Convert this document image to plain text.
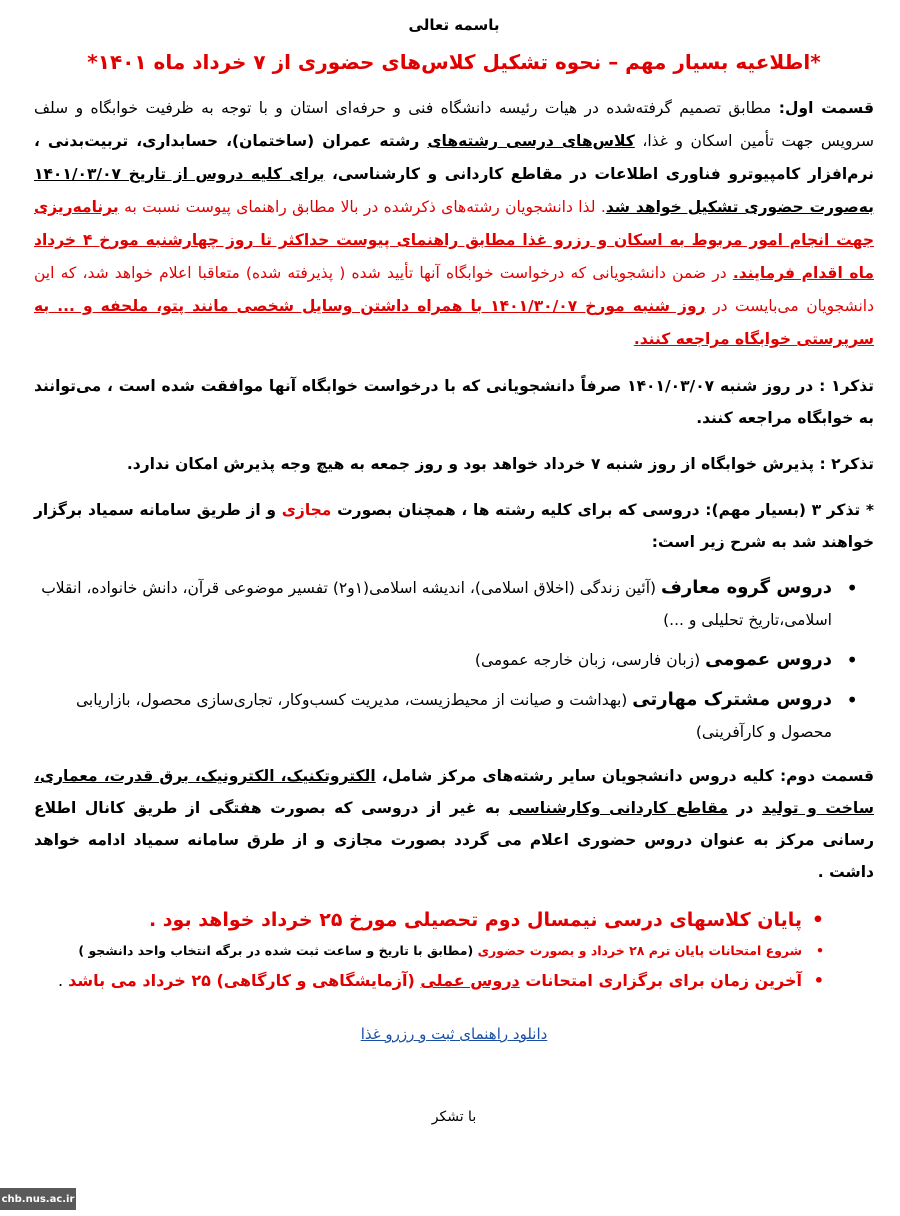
باسمه تعالی
*اطلاعیه بسیار مهم – نحوه تشکیل کلاس‌های حضوری از ۷ خرداد ماه ۱۴۰۱*

قسمت اول: مطابق تصمیم گرفته‌شده در هیات رئیسه دانشگاه فنی و حرفه‌ای استان و با توجه به ظرفیت خوابگاه و سلف سرویس جهت تأمین اسکان و غذا، کلاس‌های درسی رشته‌های رشته عمران (ساختمان)، حسابداری، تربیت‌بدنی ، نرم‌افزار کامپیوترو فناوری اطلاعات در مقاطع کاردانی و کارشناسی، برای کلیه دروس از تاریخ ۱۴۰۱/۰۳/۰۷ بەصورت حضوری تشکیل خواهد شد. لذا دانشجویان رشته‌های ذکرشده در بالا مطابق راهنمای پیوست نسبت به برنامه‌ریزی جهت انجام امور مربوط به اسکان و رزرو غذا مطابق راهنمای پیوست حداکثر تا روز چهارشنبه مورخ ۴ خرداد ماه اقدام فرمایند. در ضمن دانشجویانی که درخواست خوابگاه آنها تأیید شده ( پذیرفته شده) متعاقبا اعلام خواهد شد، که این دانشجویان می‌بایست در روز شنبه مورخ ۱۴۰۱/۳۰/۰۷ با همراه داشتن وسایل شخصی مانند پتو، ملحفه و ... به سرپرستی خوابگاه مراجعه کنند.

تذکر۱ : در روز شنبه ۱۴۰۱/۰۳/۰۷ صرفاً دانشجویانی که با درخواست خوابگاه آنها موافقت شده است ، می‌توانند به خوابگاه مراجعه کنند.

تذکر۲ : پذیرش خوابگاه از روز شنبه ۷ خرداد خواهد بود و روز جمعه به هیچ وجه پذیرش امکان ندارد.

* تذکر ۳ (بسیار مهم): دروسی که برای کلیه رشته ها ، همچنان بصورت مجازی و از طریق سامانه سمیاد برگزار خواهند شد به شرح زیر است:

• دروس گروه معارف (آئین زندگی (اخلاق اسلامی)، اندیشه اسلامی(۱و۲) تفسیر موضوعی قرآن، دانش خانواده، انقلاب اسلامی،تاریخ تحلیلی و ...)
• دروس عمومی (زبان فارسی، زبان خارجه عمومی)
• دروس مشترک مهارتی (بهداشت و صیانت از محیط‌زیست، مدیریت کسب‌وکار، تجاری‌سازی محصول، بازاریابی محصول و کارآفرینی)

قسمت دوم: کلیه دروس دانشجویان سایر رشته‌های مرکز شامل، الکتروتکنیک، الکترونیک، برق قدرت، معماری، ساخت و تولید در مقاطع کاردانی وکارشناسی به غیر از دروسی که بصورت هفتگی از طریق کانال اطلاع رسانی مرکز به عنوان دروس حضوری اعلام می گردد بصورت مجازی و از طرق سامانه سمیاد ادامه خواهد داشت .

• پایان کلاسهای درسی نیمسال دوم تحصیلی مورخ ۲۵ خرداد خواهد بود .
• شروع امتحانات پایان ترم ۲۸ خرداد و بصورت حضوری (مطابق با تاریخ و ساعت ثبت شده در برگه انتخاب واحد دانشجو )
• آخرین زمان برای برگزاری امتحانات دروس عملی (آزمایشگاهی و کارگاهی) ۲۵ خرداد می باشد .
دانلود راهنمای ثبت و رزرو غذا
با تشکر
chb.nus.ac.ir
